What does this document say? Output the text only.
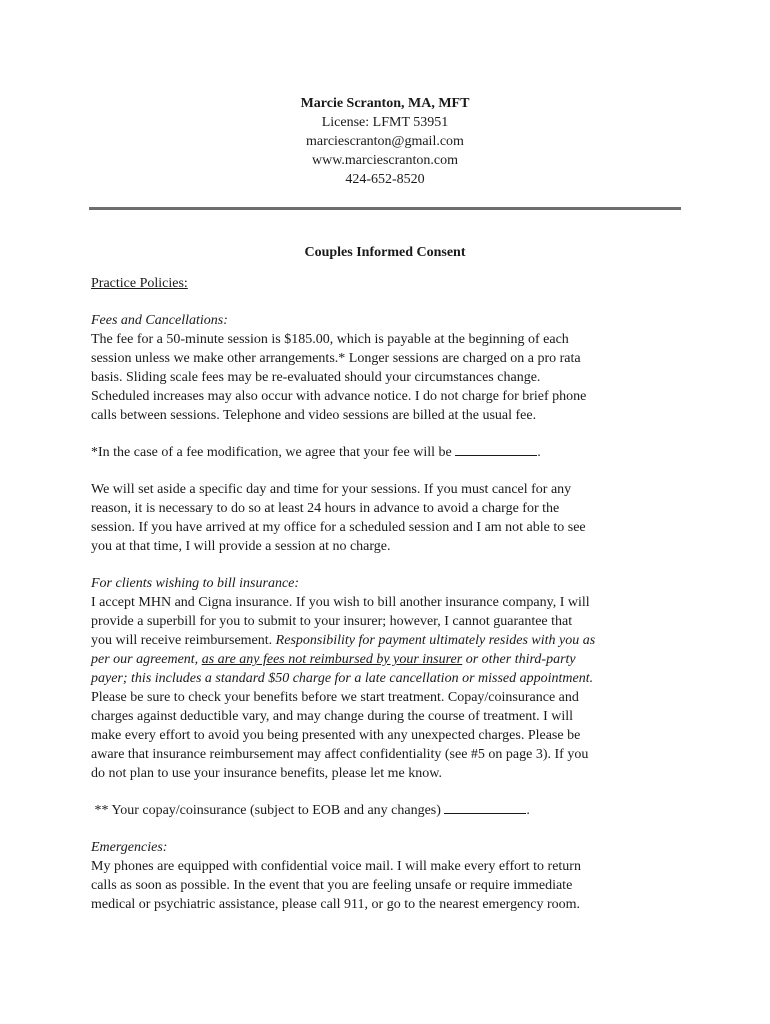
Marcie Scranton, MA, MFT
License: LFMT 53951
marciescranton@gmail.com
www.marciescranton.com
424-652-8520
Couples Informed Consent

Practice Policies:

Fees and Cancellations:

The fee for a 50-minute session is $185.00, which is payable at the beginning of each

session unless we make other arrangements.* Longer sessions are charged on a pro rata

basis. Sliding scale fees may be re-evaluated should your circumstances change.

Scheduled increases may also occur with advance notice. I do not charge for brief phone

calls between sessions. Telephone and video sessions are billed at the usual fee.

*In the case of a fee modification, we agree that your fee will be	.

We will set aside a specific day and time for your sessions. If you must cancel for any

reason, it is necessary to do so at least 24 hours in advance to avoid a charge for the

session. If you have arrived at my office for a scheduled session and I am not able to see

you at that time, I will provide a session at no charge.

For clients wishing to bill insurance:

I accept MHN and Cigna insurance. If you wish to bill another insurance company, I will

provide a superbill for you to submit to your insurer; however, I cannot guarantee that

you will receive reimbursement. Responsibility for payment ultimately resides with you as

per our agreement, as are any fees not reimbursed by your insurer or other third-party

payer; this includes a standard $50 charge for a late cancellation or missed appointment.

Please be sure to check your benefits before we start treatment. Copay/coinsurance and

charges against deductible vary, and may change during the course of treatment. I will

make every effort to avoid you being presented with any unexpected charges. Please be

aware that insurance reimbursement may affect confidentiality (see #5 on page 3). If you

do not plan to use your insurance benefits, please let me know.

** Your copay/coinsurance (subject to EOB and any changes)	.

Emergencies:

My phones are equipped with confidential voice mail. I will make every effort to return

calls as soon as possible. In the event that you are feeling unsafe or require immediate

medical or psychiatric assistance, please call 911, or go to the nearest emergency room.
